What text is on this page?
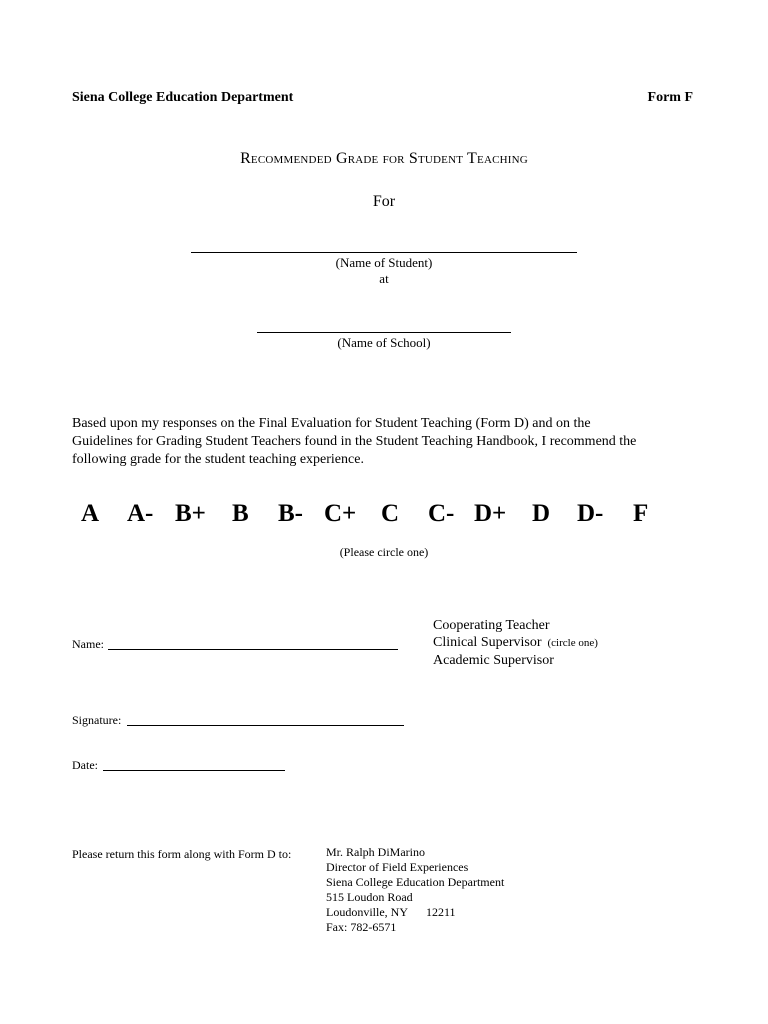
Siena College Education Department	Form F
Recommended Grade for Student Teaching
For
(Name of Student)
at
(Name of School)
Based upon my responses on the Final Evaluation for Student Teaching (Form D) and on the
Guidelines for Grading Student Teachers found in the Student Teaching Handbook, I recommend the
following grade for the student teaching experience.
A A- B+ B B- C+ C C- D+ D D- F
(Please circle one)
Name:
Cooperating Teacher
Clinical Supervisor (circle one)
Academic Supervisor
Signature:
Date:
Please return this form along with Form D to:	Mr. Ralph DiMarino
Director of Field Experiences
Siena College Education Department
515 Loudon Road
Loudonville, NY 12211
Fax: 782-6571
